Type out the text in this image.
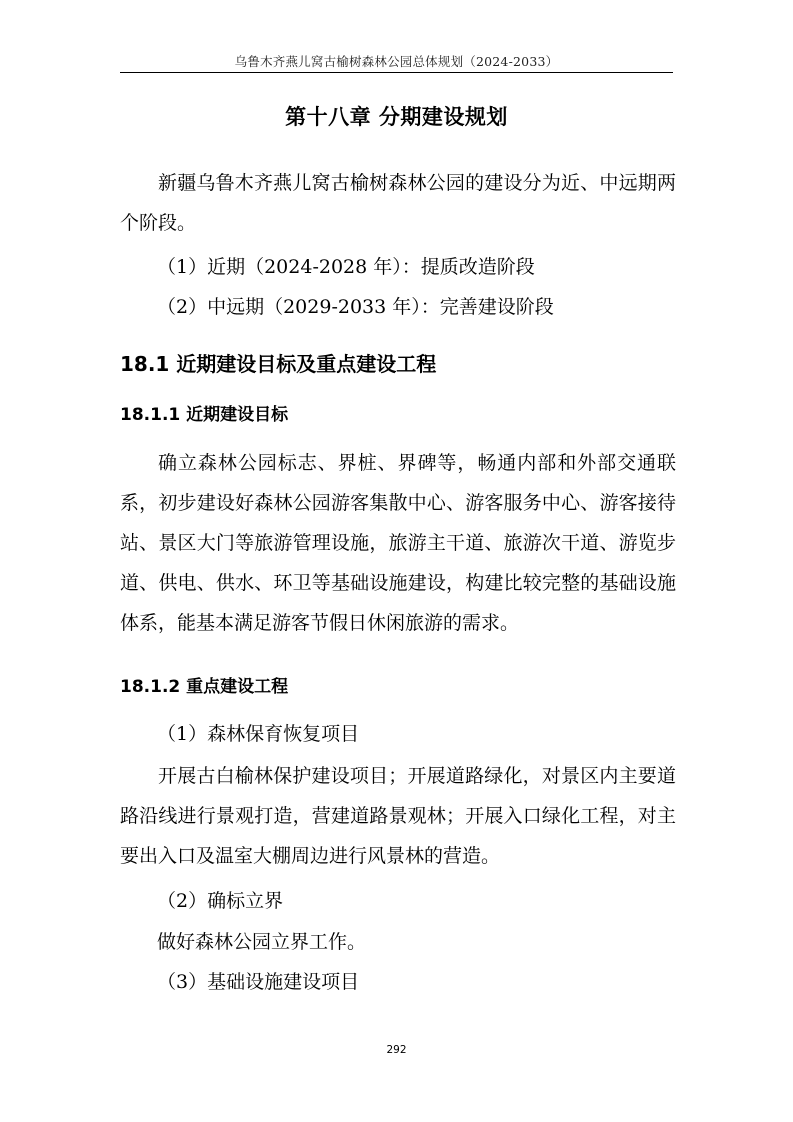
乌鲁木齐燕儿窝古榆树森林公园总体规划（2024-2033）
第十八章 分期建设规划
新疆乌鲁木齐燕儿窝古榆树森林公园的建设分为近、中远期两个阶段。
（1）近期（2024-2028 年）：提质改造阶段
（2）中远期（2029-2033 年）：完善建设阶段
18.1 近期建设目标及重点建设工程
18.1.1 近期建设目标
确立森林公园标志、界桩、界碑等，畅通内部和外部交通联系，初步建设好森林公园游客集散中心、游客服务中心、游客接待站、景区大门等旅游管理设施，旅游主干道、旅游次干道、游览步道、供电、供水、环卫等基础设施建设，构建比较完整的基础设施体系，能基本满足游客节假日休闲旅游的需求。
18.1.2 重点建设工程
（1）森林保育恢复项目
开展古白榆林保护建设项目；开展道路绿化，对景区内主要道路沿线进行景观打造，营建道路景观林；开展入口绿化工程，对主要出入口及温室大棚周边进行风景林的营造。
（2）确标立界
做好森林公园立界工作。
（3）基础设施建设项目
292
